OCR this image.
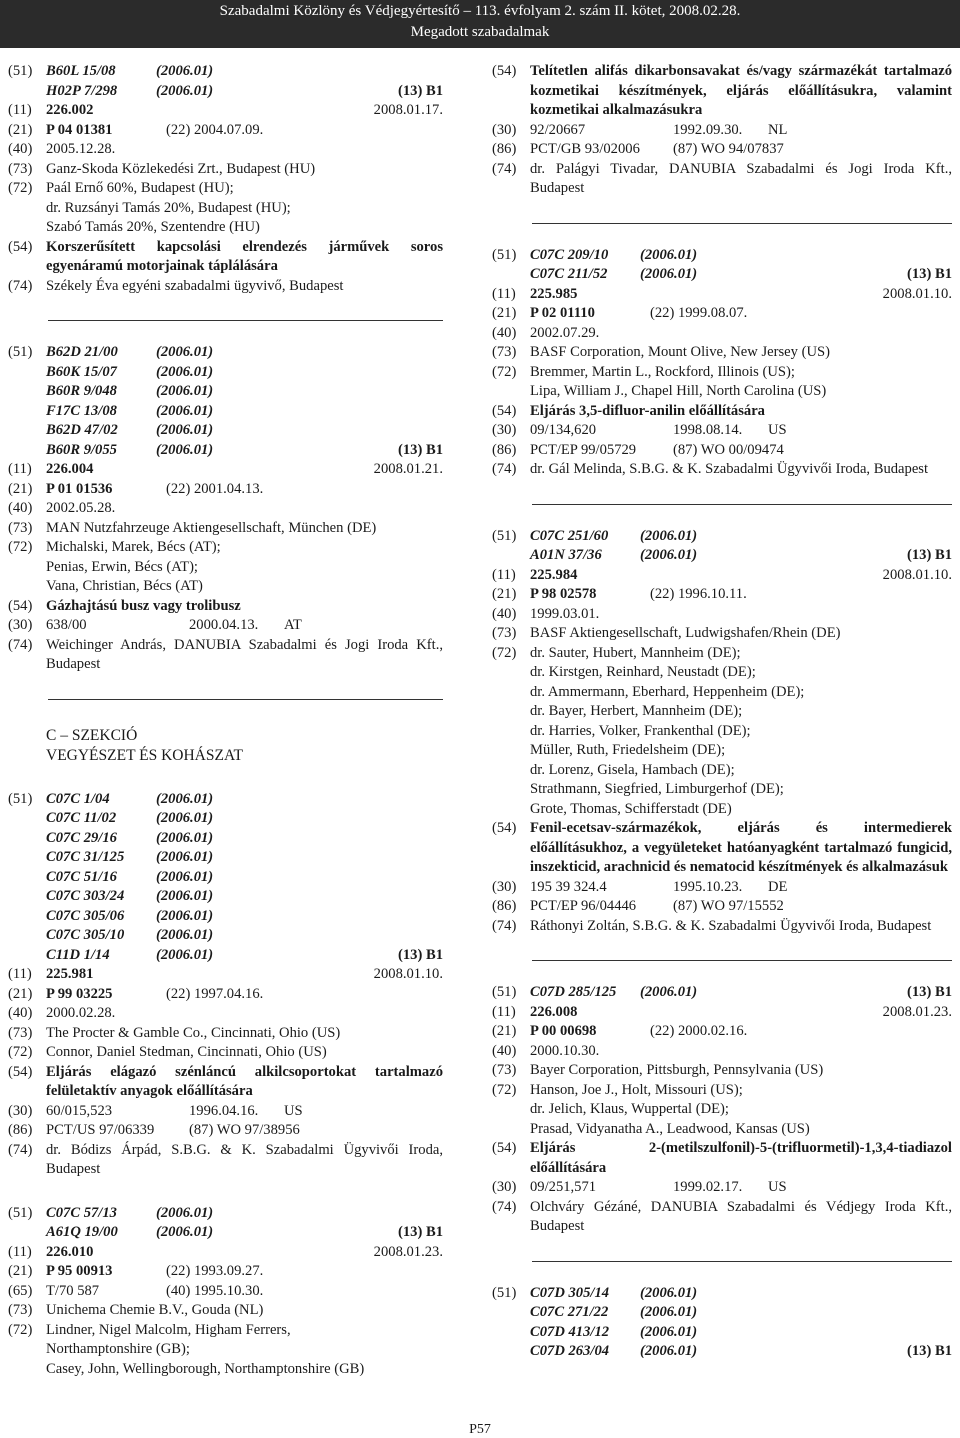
Szabadalmi Közlöny és Védjegyértesítő – 113. évfolyam 2. szám II. kötet, 2008.02.28.
Megadott szabadalmak
(51) B60L 15/08	(2006.01)
H02P 7/298	(2006.01)	(13) B1
(11) 226.002	2008.01.17.
(21) P 04 01381	(22) 2004.07.09.
(40) 2005.12.28.
(73) Ganz-Skoda Közlekedési Zrt., Budapest (HU)
(72) Paál Ernő 60%, Budapest (HU);
dr. Ruzsányi Tamás 20%, Budapest (HU);
Szabó Tamás 20%, Szentendre (HU)
(54) Korszerűsített kapcsolási elrendezés járművek soros egyenáramú motorjainak táplálására
(74) Székely Éva egyéni szabadalmi ügyvivő, Budapest
(51) B62D 21/00	(2006.01)
B60K 15/07	(2006.01)
B60R 9/048	(2006.01)
F17C 13/08	(2006.01)
B62D 47/02	(2006.01)
B60R 9/055	(2006.01)	(13) B1
(11) 226.004	2008.01.21.
(21) P 01 01536	(22) 2001.04.13.
(40) 2002.05.28.
(73) MAN Nutzfahrzeuge Aktiengesellschaft, München (DE)
(72) Michalski, Marek, Bécs (AT);
Penias, Erwin, Bécs (AT);
Vana, Christian, Bécs (AT)
(54) Gázhajtású busz vagy trolibusz
(30) 638/00	2000.04.13.	AT
(74) Weichinger András, DANUBIA Szabadalmi és Jogi Iroda Kft., Budapest
C – SZEKCIÓ
VEGYÉSZET ÉS KOHÁSZAT
(51) C07C 1/04	(2006.01)
C07C 11/02	(2006.01)
C07C 29/16	(2006.01)
C07C 31/125	(2006.01)
C07C 51/16	(2006.01)
C07C 303/24	(2006.01)
C07C 305/06	(2006.01)
C07C 305/10	(2006.01)
C11D 1/14	(2006.01)	(13) B1
(11) 225.981	2008.01.10.
(21) P 99 03225	(22) 1997.04.16.
(40) 2000.02.28.
(73) The Procter & Gamble Co., Cincinnati, Ohio (US)
(72) Connor, Daniel Stedman, Cincinnati, Ohio (US)
(54) Eljárás elágazó szénláncú alkilcsoportokat tartalmazó felületaktív anyagok előállítására
(30) 60/015,523	1996.04.16.	US
(86) PCT/US 97/06339	(87) WO 97/38956
(74) dr. Bódizs Árpád, S.B.G. & K. Szabadalmi Ügyvivői Iroda, Budapest
(51) C07C 57/13	(2006.01)
A61Q 19/00	(2006.01)	(13) B1
(11) 226.010	2008.01.23.
(21) P 95 00913	(22) 1993.09.27.
(65) T/70 587	(40) 1995.10.30.
(73) Unichema Chemie B.V., Gouda (NL)
(72) Lindner, Nigel Malcolm, Higham Ferrers,
Northamptonshire (GB);
Casey, John, Wellingborough, Northamptonshire (GB)
(54) Telítetlen alifás dikarbonsavakat és/vagy származékát tartalmazó kozmetikai készítmények, eljárás előállításukra, valamint kozmetikai alkalmazásukra
(30) 92/20667	1992.09.30.	NL
(86) PCT/GB 93/02006	(87) WO 94/07837
(74) dr. Palágyi Tivadar, DANUBIA Szabadalmi és Jogi Iroda Kft., Budapest
(51) C07C 209/10	(2006.01)
C07C 211/52	(2006.01)	(13) B1
(11) 225.985	2008.01.10.
(21) P 02 01110	(22) 1999.08.07.
(40) 2002.07.29.
(73) BASF Corporation, Mount Olive, New Jersey (US)
(72) Bremmer, Martin L., Rockford, Illinois (US);
Lipa, William J., Chapel Hill, North Carolina (US)
(54) Eljárás 3,5-difluor-anilin előállítására
(30) 09/134,620	1998.08.14.	US
(86) PCT/EP 99/05729	(87) WO 00/09474
(74) dr. Gál Melinda, S.B.G. & K. Szabadalmi Ügyvivői Iroda, Budapest
(51) C07C 251/60	(2006.01)
A01N 37/36	(2006.01)	(13) B1
(11) 225.984	2008.01.10.
(21) P 98 02578	(22) 1996.10.11.
(40) 1999.03.01.
(73) BASF Aktiengesellschaft, Ludwigshafen/Rhein (DE)
(72) dr. Sauter, Hubert, Mannheim (DE);
dr. Kirstgen, Reinhard, Neustadt (DE);
dr. Ammermann, Eberhard, Heppenheim (DE);
dr. Bayer, Herbert, Mannheim (DE);
dr. Harries, Volker, Frankenthal (DE);
Müller, Ruth, Friedelsheim (DE);
dr. Lorenz, Gisela, Hambach (DE);
Strathmann, Siegfried, Limburgerhof (DE);
Grote, Thomas, Schifferstadt (DE)
(54) Fenil-ecetsav-származékok, eljárás és intermedierek előállításukhoz, a vegyületeket hatóanyagként tartalmazó fungicid, inszekticid, arachnicid és nematocid készítmények és alkalmazásuk
(30) 195 39 324.4	1995.10.23.	DE
(86) PCT/EP 96/04446	(87) WO 97/15552
(74) Ráthonyi Zoltán, S.B.G. & K. Szabadalmi Ügyvivői Iroda, Budapest
(51) C07D 285/125	(2006.01)	(13) B1
(11) 226.008	2008.01.23.
(21) P 00 00698	(22) 2000.02.16.
(40) 2000.10.30.
(73) Bayer Corporation, Pittsburgh, Pennsylvania (US)
(72) Hanson, Joe J., Holt, Missouri (US);
dr. Jelich, Klaus, Wuppertal (DE);
Prasad, Vidyanatha A., Leadwood, Kansas (US)
(54) Eljárás 2-(metilszulfonil)-5-(trifluormetil)-1,3,4-tiadiazol előállítására
(30) 09/251,571	1999.02.17.	US
(74) Olchváry Gézáné, DANUBIA Szabadalmi és Védjegy Iroda Kft., Budapest
(51) C07D 305/14	(2006.01)
C07C 271/22	(2006.01)
C07D 413/12	(2006.01)
C07D 263/04	(2006.01)	(13) B1
P57
